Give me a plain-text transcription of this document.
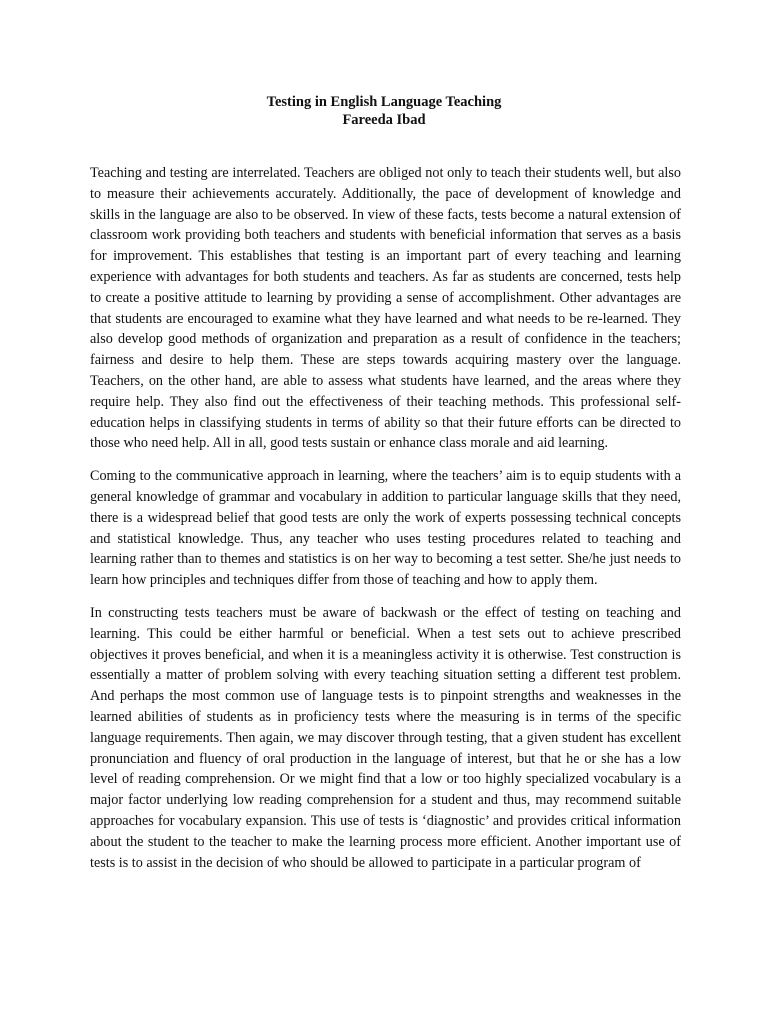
Testing in English Language Teaching
Fareeda Ibad

Teaching and testing are interrelated. Teachers are obliged not only to teach their students well, but also to measure their achievements accurately. Additionally, the pace of development of knowledge and skills in the language are also to be observed. In view of these facts, tests become a natural extension of classroom work providing both teachers and students with beneficial information that serves as a basis for improvement. This establishes that testing is an important part of every teaching and learning experience with advantages for both students and teachers. As far as students are concerned, tests help to create a positive attitude to learning by providing a sense of accomplishment. Other advantages are that students are encouraged to examine what they have learned and what needs to be re-learned. They also develop good methods of organization and preparation as a result of confidence in the teachers; fairness and desire to help them. These are steps towards acquiring mastery over the language. Teachers, on the other hand, are able to assess what students have learned, and the areas where they require help. They also find out the effectiveness of their teaching methods. This professional self-education helps in classifying students in terms of ability so that their future efforts can be directed to those who need help. All in all, good tests sustain or enhance class morale and aid learning.

Coming to the communicative approach in learning, where the teachers’ aim is to equip students with a general knowledge of grammar and vocabulary in addition to particular language skills that they need, there is a widespread belief that good tests are only the work of experts possessing technical concepts and statistical knowledge. Thus, any teacher who uses testing procedures related to teaching and learning rather than to themes and statistics is on her way to becoming a test setter. She/he just needs to learn how principles and techniques differ from those of teaching and how to apply them.

In constructing tests teachers must be aware of backwash or the effect of testing on teaching and learning. This could be either harmful or beneficial. When a test sets out to achieve prescribed objectives it proves beneficial, and when it is a meaningless activity it is otherwise. Test construction is essentially a matter of problem solving with every teaching situation setting a different test problem. And perhaps the most common use of language tests is to pinpoint strengths and weaknesses in the learned abilities of students as in proficiency tests where the measuring is in terms of the specific language requirements. Then again, we may discover through testing, that a given student has excellent pronunciation and fluency of oral production in the language of interest, but that he or she has a low level of reading comprehension. Or we might find that a low or too highly specialized vocabulary is a major factor underlying low reading comprehension for a student and thus, may recommend suitable approaches for vocabulary expansion. This use of tests is ‘diagnostic’ and provides critical information about the student to the teacher to make the learning process more efficient. Another important use of tests is to assist in the decision of who should be allowed to participate in a particular program of
